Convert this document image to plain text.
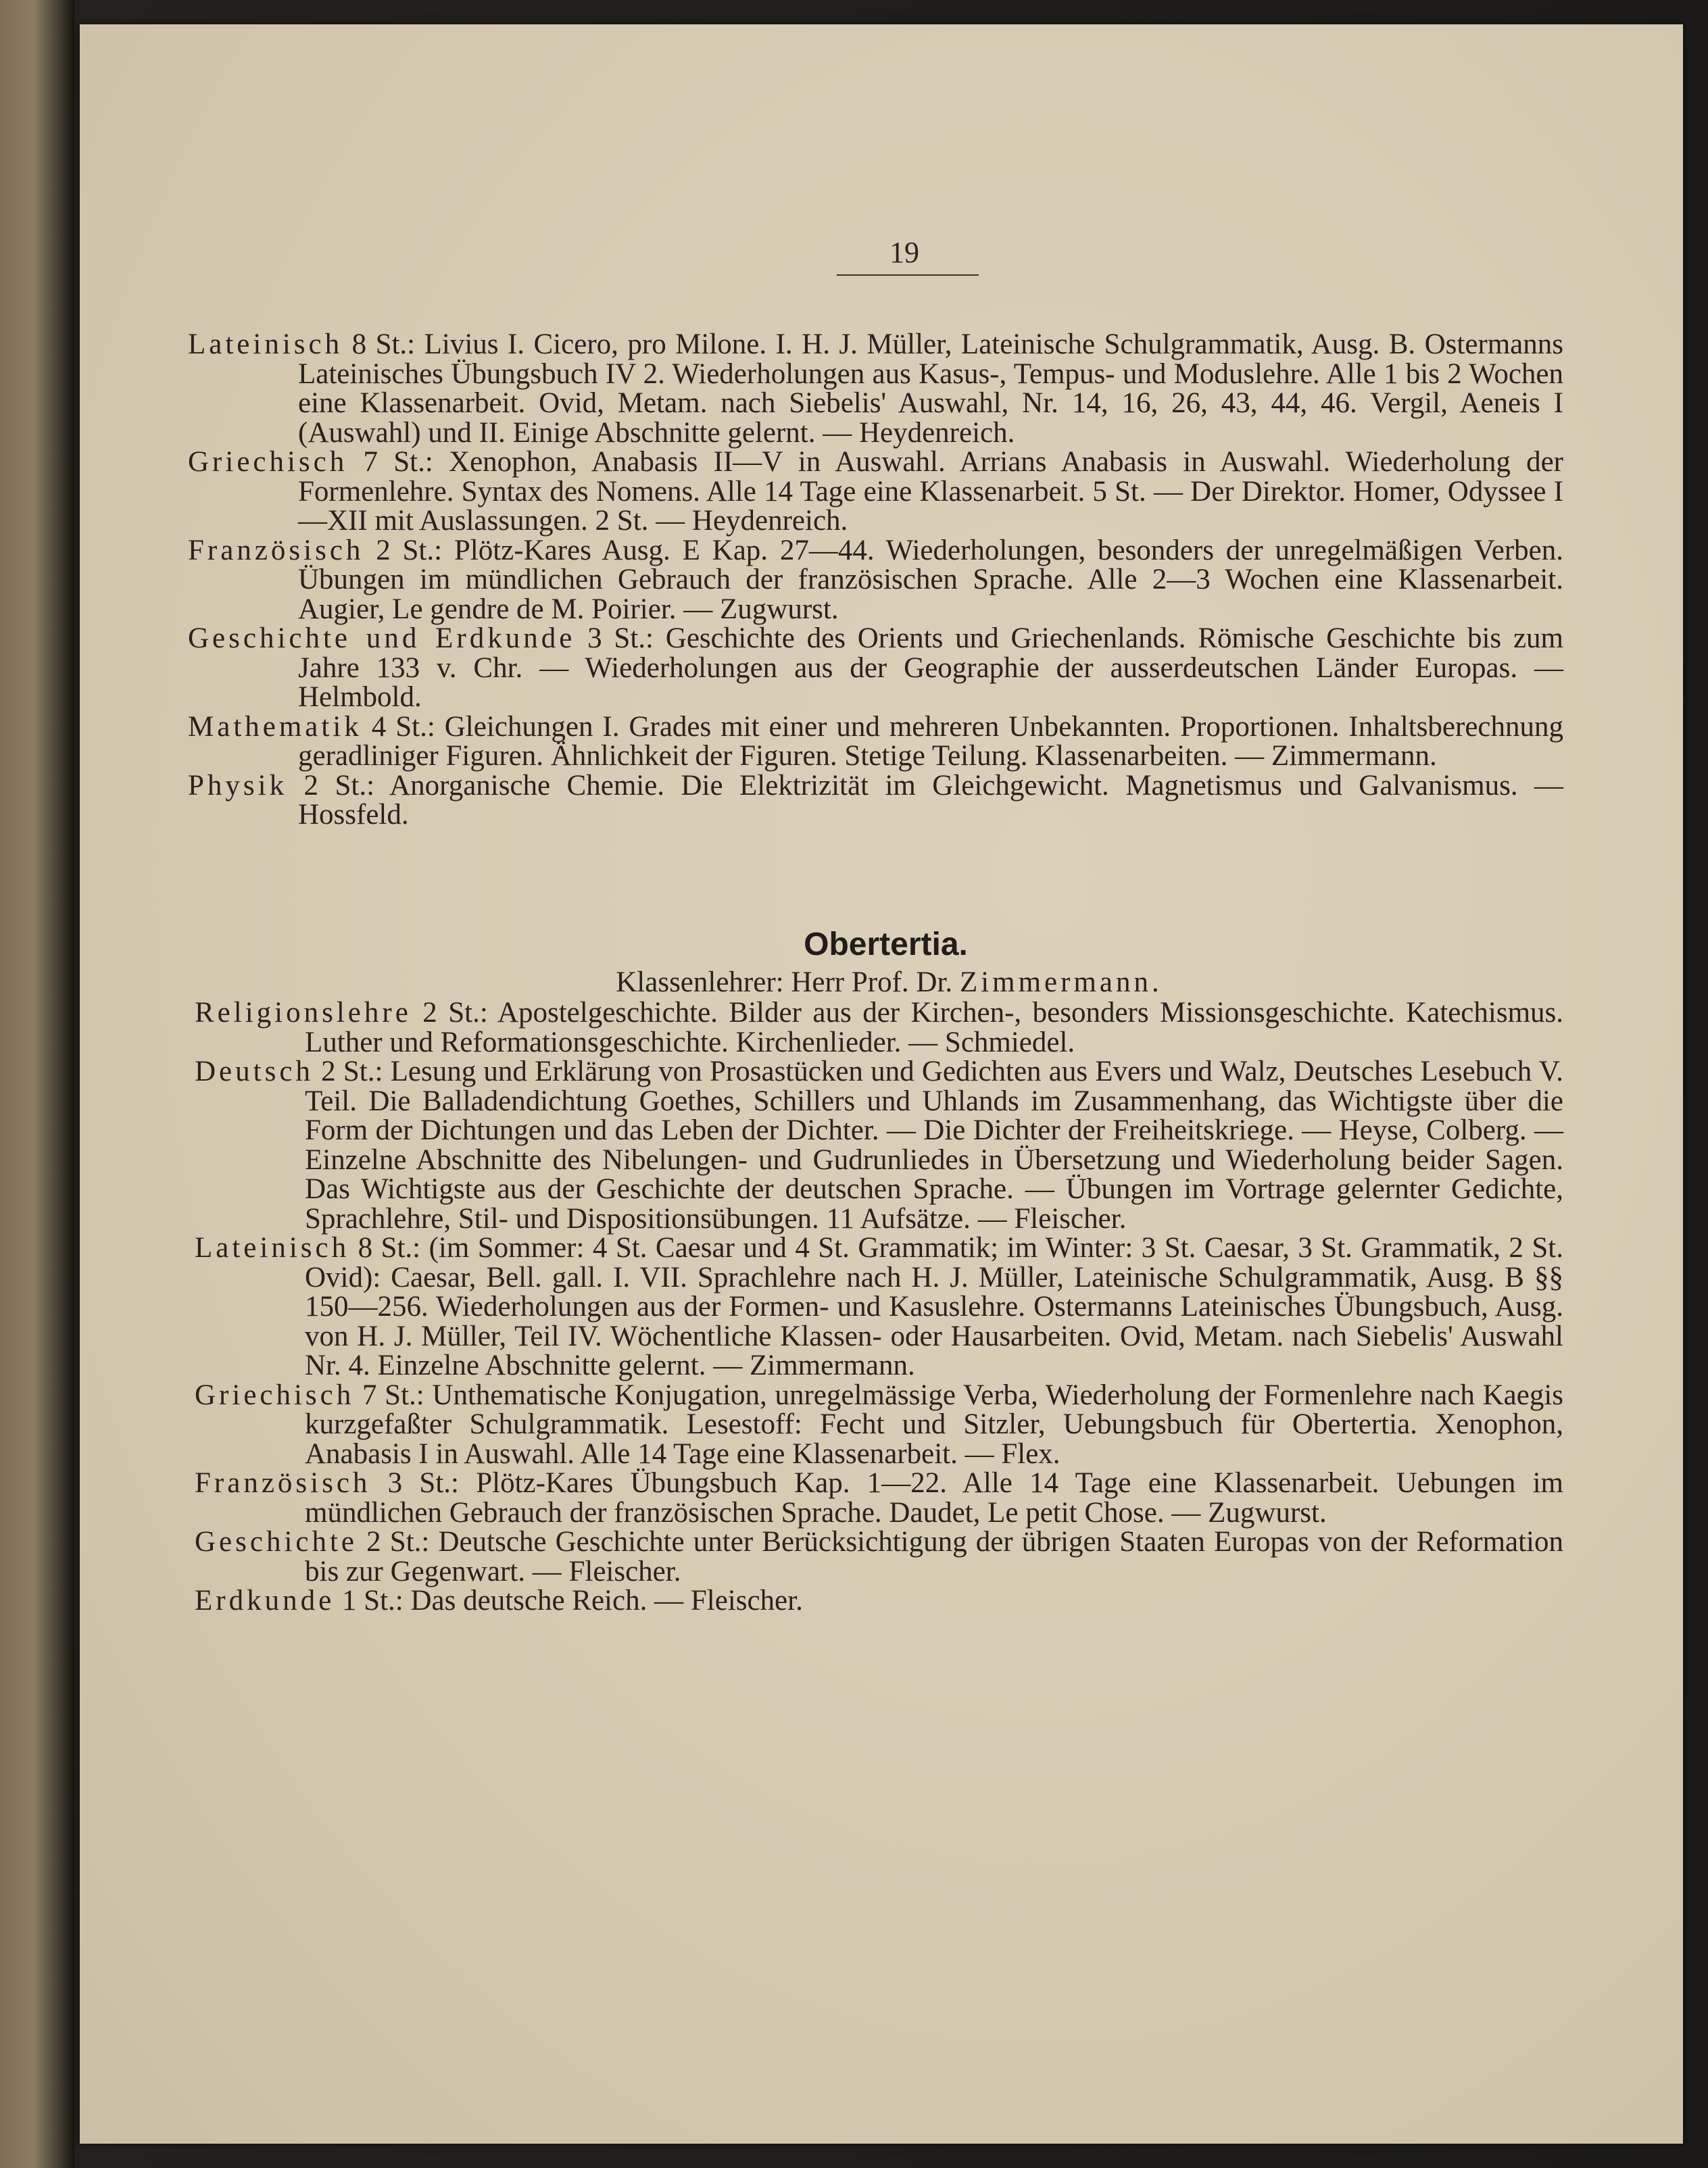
19

Lateinisch 8 St.: Livius I. Cicero, pro Milone. I. H. J. Müller, Lateinische Schulgrammatik, Ausg. B. Ostermanns Lateinisches Übungsbuch IV 2. Wiederholungen aus Kasus-, Tempus- und Moduslehre. Alle 1 bis 2 Wochen eine Klassenarbeit. Ovid, Metam. nach Siebelis' Auswahl, Nr. 14, 16, 26, 43, 44, 46. Vergil, Aeneis I (Auswahl) und II. Einige Abschnitte gelernt. — Heydenreich.

Griechisch 7 St.: Xenophon, Anabasis II—V in Auswahl. Arrians Anabasis in Auswahl. Wiederholung der Formenlehre. Syntax des Nomens. Alle 14 Tage eine Klassenarbeit. 5 St. — Der Direktor. Homer, Odyssee I—XII mit Auslassungen. 2 St. — Heydenreich.

Französisch 2 St.: Plötz-Kares Ausg. E Kap. 27—44. Wiederholungen, besonders der unregelmäßigen Verben. Übungen im mündlichen Gebrauch der französischen Sprache. Alle 2—3 Wochen eine Klassenarbeit. Augier, Le gendre de M. Poirier. — Zugwurst.

Geschichte und Erdkunde 3 St.: Geschichte des Orients und Griechenlands. Römische Geschichte bis zum Jahre 133 v. Chr. — Wiederholungen aus der Geographie der ausserdeutschen Länder Europas. — Helmbold.

Mathematik 4 St.: Gleichungen I. Grades mit einer und mehreren Unbekannten. Proportionen. Inhaltsberechnung geradliniger Figuren. Ähnlichkeit der Figuren. Stetige Teilung. Klassenarbeiten. — Zimmermann.

Physik 2 St.: Anorganische Chemie. Die Elektrizität im Gleichgewicht. Magnetismus und Galvanismus. — Hossfeld.

Obertertia.
Klassenlehrer: Herr Prof. Dr. Zimmermann.

Religionslehre 2 St.: Apostelgeschichte. Bilder aus der Kirchen-, besonders Missionsgeschichte. Katechismus. Luther und Reformationsgeschichte. Kirchenlieder. — Schmiedel.

Deutsch 2 St.: Lesung und Erklärung von Prosastücken und Gedichten aus Evers und Walz, Deutsches Lesebuch V. Teil. Die Balladendichtung Goethes, Schillers und Uhlands im Zusammenhang, das Wichtigste über die Form der Dichtungen und das Leben der Dichter. — Die Dichter der Freiheitskriege. — Heyse, Colberg. — Einzelne Abschnitte des Nibelungen- und Gudrunliedes in Übersetzung und Wiederholung beider Sagen. Das Wichtigste aus der Geschichte der deutschen Sprache. — Übungen im Vortrage gelernter Gedichte, Sprachlehre, Stil- und Dispositionsübungen. 11 Aufsätze. — Fleischer.

Lateinisch 8 St.: (im Sommer: 4 St. Caesar und 4 St. Grammatik; im Winter: 3 St. Caesar, 3 St. Grammatik, 2 St. Ovid): Caesar, Bell. gall. I. VII. Sprachlehre nach H. J. Müller, Lateinische Schulgrammatik, Ausg. B §§ 150—256. Wiederholungen aus der Formen- und Kasuslehre. Ostermanns Lateinisches Übungsbuch, Ausg. von H. J. Müller, Teil IV. Wöchentliche Klassen- oder Hausarbeiten. Ovid, Metam. nach Siebelis' Auswahl Nr. 4. Einzelne Abschnitte gelernt. — Zimmermann.

Griechisch 7 St.: Unthematische Konjugation, unregelmässige Verba, Wiederholung der Formenlehre nach Kaegis kurzgefaßter Schulgrammatik. Lesestoff: Fecht und Sitzler, Uebungsbuch für Obertertia. Xenophon, Anabasis I in Auswahl. Alle 14 Tage eine Klassenarbeit. — Flex.

Französisch 3 St.: Plötz-Kares Übungsbuch Kap. 1—22. Alle 14 Tage eine Klassenarbeit. Uebungen im mündlichen Gebrauch der französischen Sprache. Daudet, Le petit Chose. — Zugwurst.

Geschichte 2 St.: Deutsche Geschichte unter Berücksichtigung der übrigen Staaten Europas von der Reformation bis zur Gegenwart. — Fleischer.

Erdkunde 1 St.: Das deutsche Reich. — Fleischer.
